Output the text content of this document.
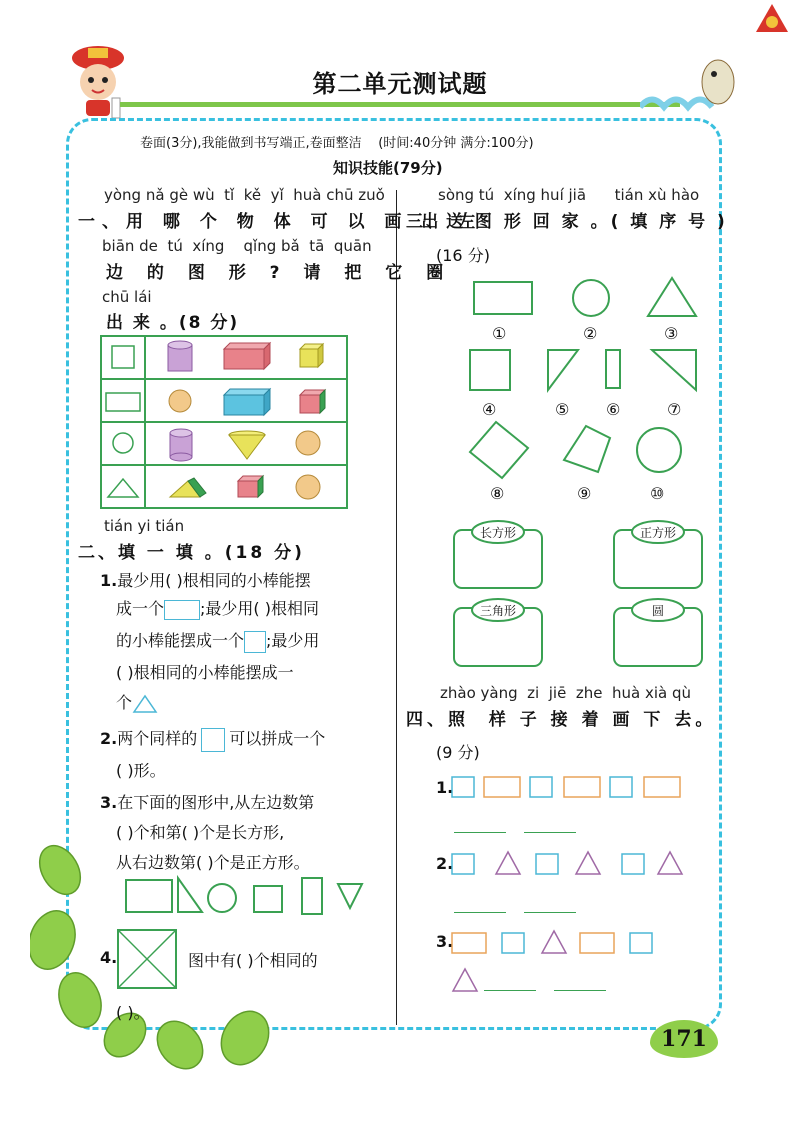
第二单元测试题
卷面(3分),我能做到书写端正,卷面整洁 (时间:40分钟 满分:100分)
知识技能(79分)
yòng nǎ gè wù  tǐ  kě  yǐ  huà chū zuǒ
一、用 哪 个 物 体 可 以 画 出 左
biān de  tú  xíng    qǐng bǎ  tā  quān
边 的 图 形 ? 请 把 它 圈
chū lái
出 来 。(8 分)
tián yi tián
二、填 一 填 。(18 分)
1.最少用( )根相同的小棒能摆
成一个 ;最少用( )根相同
的小棒能摆成一个 ;最少用
( )根相同的小棒能摆成一
个
2.两个同样的 可以拼成一个
( )形。
3.在下面的图形中,从左边数第
( )个和第( )个是长方形,
从右边数第( )个是正方形。
4.	图中有( )个相同的
( )。
sòng tú  xíng huí jiā      tián xù hào
三、送 图 形 回 家 。( 填 序 号 )
(16 分)
①	②	③
④	⑤ ⑥	⑦
⑧	⑨	⑩
长方形	正方形
三角形	圆
zhào yàng  zi  jiē  zhe  huà xià qù
四、照  样 子 接 着 画 下 去。
(9 分)
1.
2.
3.
171
